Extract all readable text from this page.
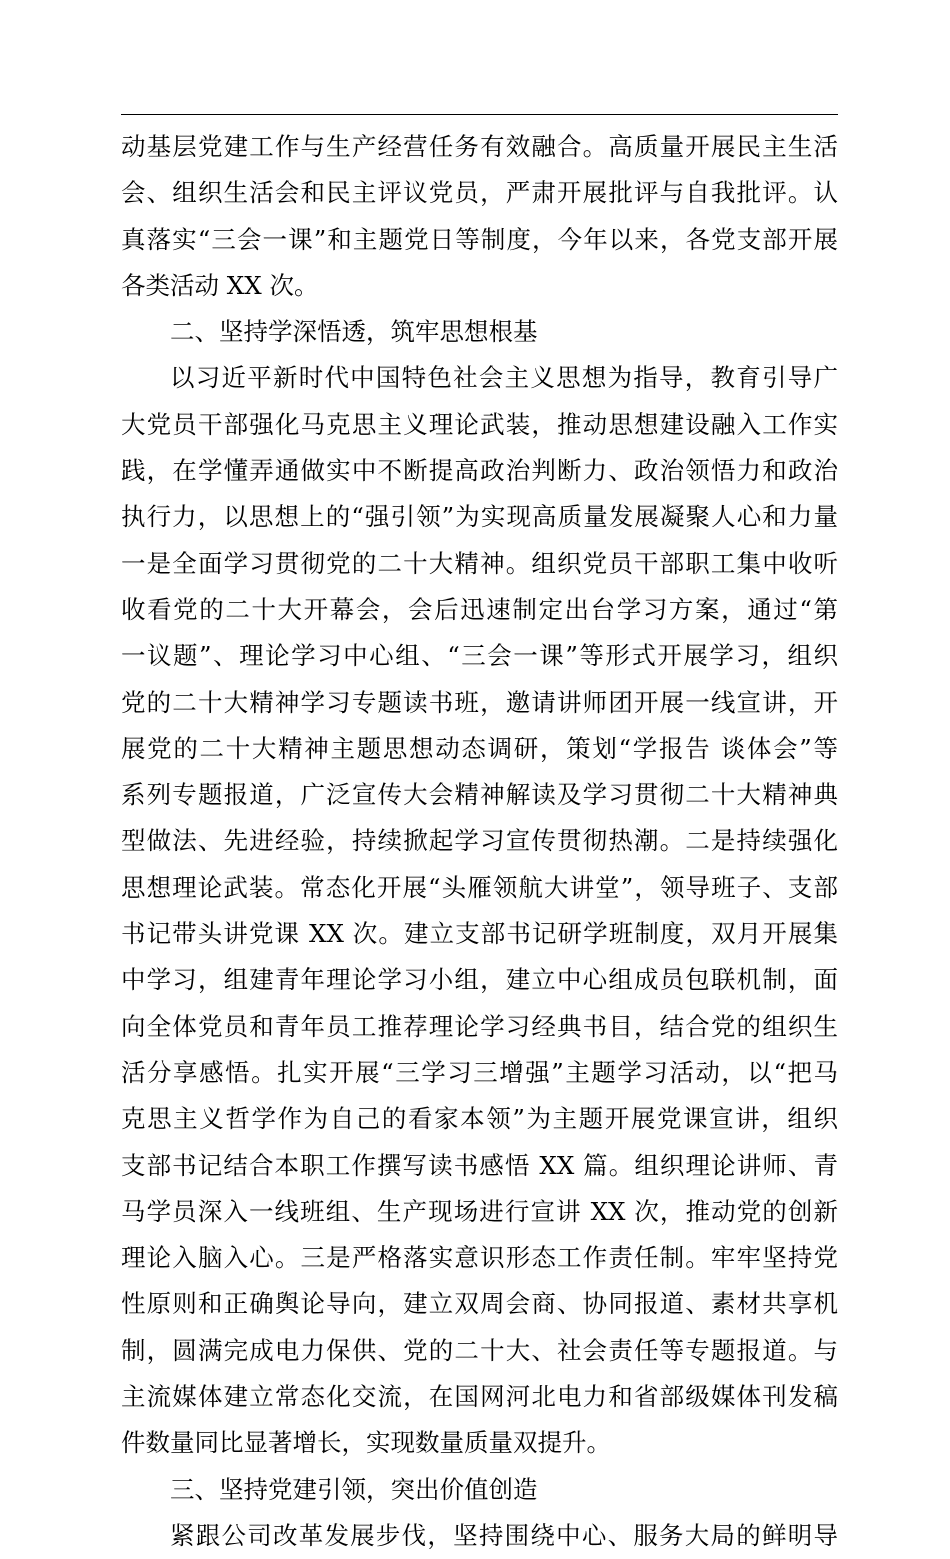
动基层党建工作与生产经营任务有效融合。高质量开展民主生活
会、组织生活会和民主评议党员，严肃开展批评与自我批评。认
真落实“三会一课”和主题党日等制度，今年以来，各党支部开展
各类活动 XX 次。
二、坚持学深悟透，筑牢思想根基
以习近平新时代中国特色社会主义思想为指导，教育引导广
大党员干部强化马克思主义理论武装，推动思想建设融入工作实
践，在学懂弄通做实中不断提高政治判断力、政治领悟力和政治
执行力，以思想上的“强引领”为实现高质量发展凝聚人心和力量
一是全面学习贯彻党的二十大精神。组织党员干部职工集中收听
收看党的二十大开幕会，会后迅速制定出台学习方案，通过“第
一议题”、理论学习中心组、“三会一课”等形式开展学习，组织
党的二十大精神学习专题读书班，邀请讲师团开展一线宣讲，开
展党的二十大精神主题思想动态调研，策划“学报告 谈体会”等
系列专题报道，广泛宣传大会精神解读及学习贯彻二十大精神典
型做法、先进经验，持续掀起学习宣传贯彻热潮。二是持续强化
思想理论武装。常态化开展“头雁领航大讲堂”，领导班子、支部
书记带头讲党课 XX 次。建立支部书记研学班制度，双月开展集
中学习，组建青年理论学习小组，建立中心组成员包联机制，面
向全体党员和青年员工推荐理论学习经典书目，结合党的组织生
活分享感悟。扎实开展“三学习三增强”主题学习活动，以“把马
克思主义哲学作为自己的看家本领”为主题开展党课宣讲，组织
支部书记结合本职工作撰写读书感悟 XX 篇。组织理论讲师、青
马学员深入一线班组、生产现场进行宣讲 XX 次，推动党的创新
理论入脑入心。三是严格落实意识形态工作责任制。牢牢坚持党
性原则和正确舆论导向，建立双周会商、协同报道、素材共享机
制，圆满完成电力保供、党的二十大、社会责任等专题报道。与
主流媒体建立常态化交流，在国网河北电力和省部级媒体刊发稿
件数量同比显著增长，实现数量质量双提升。
三、坚持党建引领，突出价值创造
紧跟公司改革发展步伐，坚持围绕中心、服务大局的鲜明导
